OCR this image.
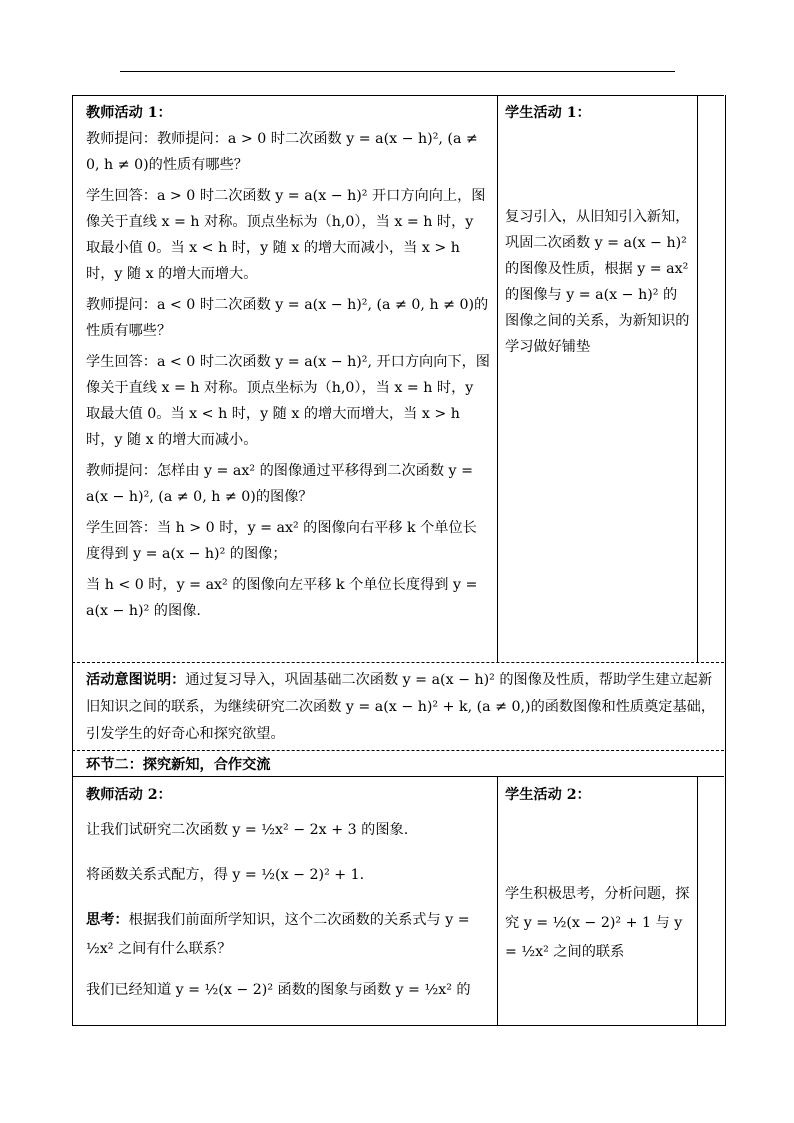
教师活动 1：

教师提问：教师提问：a > 0 时二次函数 y = a(x − h)², (a ≠ 0, h ≠ 0)的性质有哪些？

学生回答：a > 0 时二次函数 y = a(x − h)² 开口方向向上，图像关于直线 x = h 对称。顶点坐标为（h,0），当 x = h 时，y 取最小值 0。当 x < h 时，y 随 x 的增大而减小，当 x > h 时，y 随 x 的增大而增大。

教师提问：a < 0 时二次函数 y = a(x − h)², (a ≠ 0, h ≠ 0)的性质有哪些？

学生回答：a < 0 时二次函数 y = a(x − h)², 开口方向向下，图像关于直线 x = h 对称。顶点坐标为（h,0），当 x = h 时，y 取最大值 0。当 x < h 时，y 随 x 的增大而增大，当 x > h 时，y 随 x 的增大而减小。

教师提问：怎样由 y = ax² 的图像通过平移得到二次函数 y = a(x − h)², (a ≠ 0, h ≠ 0)的图像？

学生回答：当 h > 0 时，y = ax² 的图像向右平移 k 个单位长度得到 y = a(x − h)² 的图像；

当 h < 0 时，y = ax² 的图像向左平移 k 个单位长度得到 y = a(x − h)² 的图像.

学生活动 1：

复习引入，从旧知引入新知，巩固二次函数 y = a(x − h)² 的图像及性质，根据 y = ax² 的图像与 y = a(x − h)² 的图像之间的关系，为新知识的学习做好铺垫

活动意图说明：通过复习导入，巩固基础二次函数 y = a(x − h)² 的图像及性质，帮助学生建立起新旧知识之间的联系，为继续研究二次函数 y = a(x − h)² + k, (a ≠ 0,)的函数图像和性质奠定基础，引发学生的好奇心和探究欲望。
环节二：探究新知，合作交流

教师活动 2：

让我们试研究二次函数 y = ½x² − 2x + 3 的图象.

将函数关系式配方，得 y = ½(x − 2)² + 1.

思考：根据我们前面所学知识，这个二次函数的关系式与 y = ½x² 之间有什么联系？

我们已经知道 y = ½(x − 2)² 函数的图象与函数 y = ½x² 的

学生活动 2：

学生积极思考，分析问题，探究 y = ½(x − 2)² + 1 与 y = ½x² 之间的联系
